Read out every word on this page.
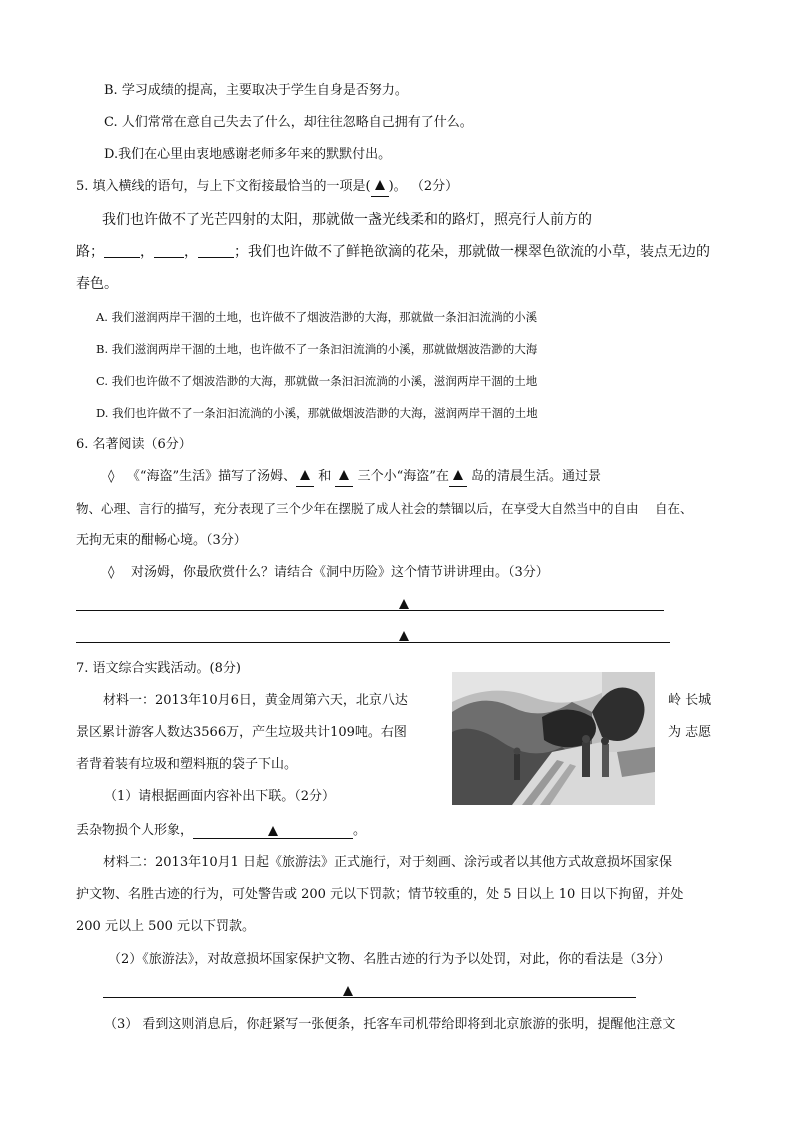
B. 学习成绩的提高，主要取决于学生自身是否努力。
C. 人们常常在意自己失去了什么，却往往忽略自己拥有了什么。
D.我们在心里由衷地感谢老师多年来的默默付出。
5. 填入横线的语句，与上下文衔接最恰当的一项是( )。 （2分）
我们也许做不了光芒四射的太阳，那就做一盏光线柔和的路灯，照亮行人前方的
路；	， ，	；我们也许做不了鲜艳欲滴的花朵，那就做一棵翠色欲流的小草，装点无边的
春色。
A. 我们滋润两岸干涸的土地，也许做不了烟波浩渺的大海，那就做一条汩汩流淌的小溪
B. 我们滋润两岸干涸的土地，也许做不了一条汩汩流淌的小溪，那就做烟波浩渺的大海
C. 我们也许做不了烟波浩渺的大海，那就做一条汩汩流淌的小溪，滋润两岸干涸的土地
D. 我们也许做不了一条汩汩流淌的小溪，那就做烟波浩渺的大海，滋润两岸干涸的土地
6. 名著阅读（6分）
◊ 《“海盗”生活》描写了汤姆、 和 三个小“海盗”在 岛的清晨生活。通过景
物、心理、言行的描写，充分表现了三个少年在摆脱了成人社会的禁锢以后，在享受大自然当中的自由　 自在、
无拘无束的酣畅心境。（3分）
◊ 对汤姆，你最欣赏什么？请结合《洞中历险》这个情节讲讲理由。（3分）
7. 语文综合实践活动。(8分)
材料一：2013年10月6日，黄金周第六天，北京八达	岭 长城
景区累计游客人数达3566万，产生垃圾共计109吨。右图	为 志愿
者背着装有垃圾和塑料瓶的袋子下山。
（1）请根据画面内容补出下联。（2分）
丢杂物损个人形象，	。
材料二：2013年10月1 日起《旅游法》正式施行，对于刻画、涂污或者以其他方式故意损坏国家保
护文物、名胜古迹的行为，可处警告或 200 元以下罚款；情节较重的，处 5 日以上 10 日以下拘留，并处
200 元以上 500 元以下罚款。
（2）《旅游法》，对故意损坏国家保护文物、名胜古迹的行为予以处罚，对此，你的看法是（3分）
（3） 看到这则消息后，你赶紧写一张便条，托客车司机带给即将到北京旅游的张明，提醒他注意文
